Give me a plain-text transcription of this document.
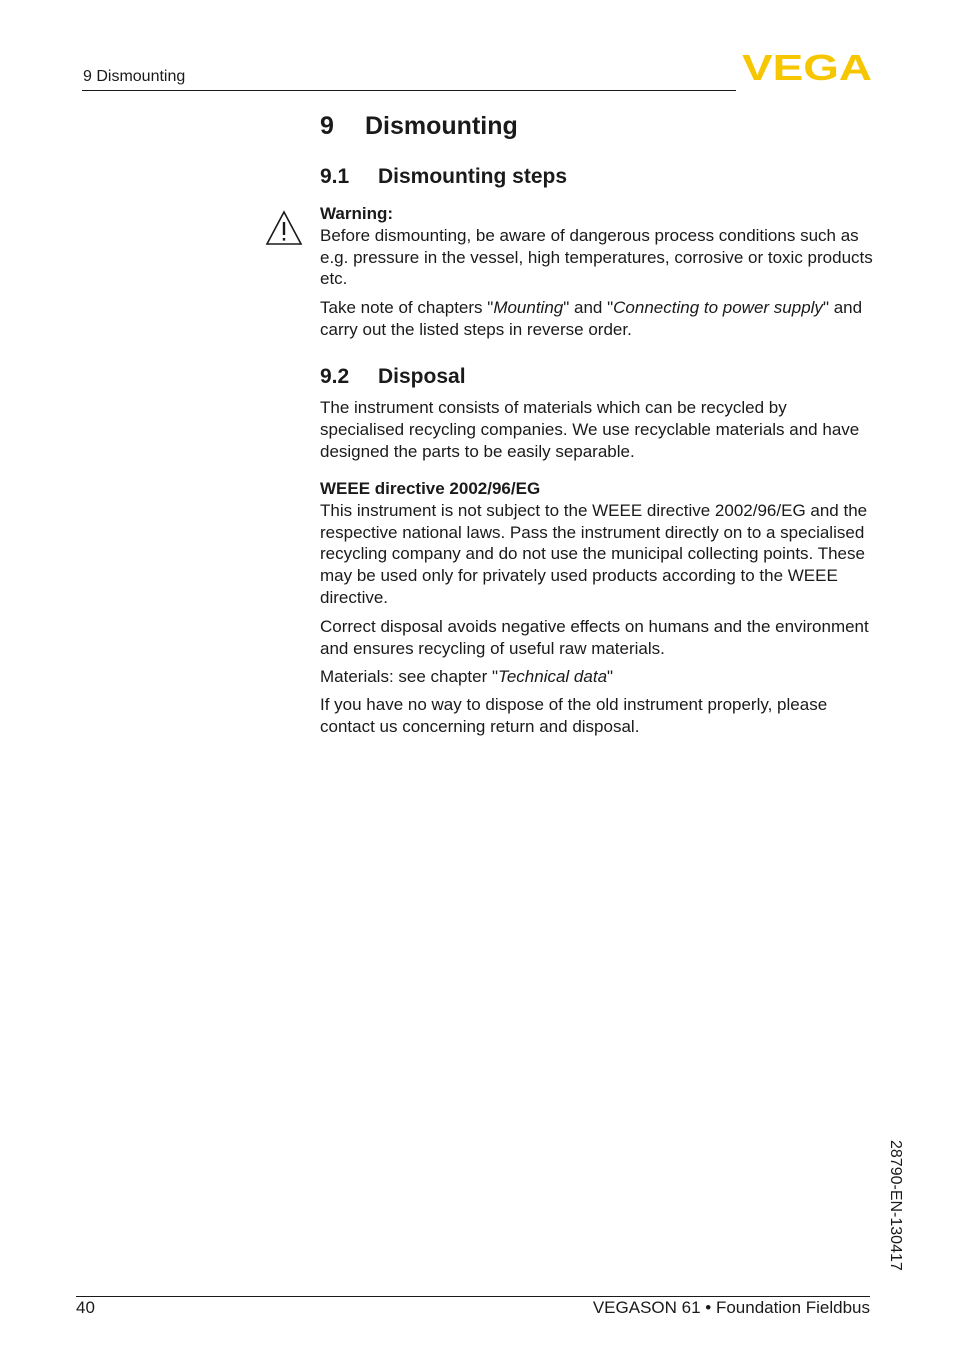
9 Dismounting	VEGA
9 Dismounting
9.1 Dismounting steps

Warning:

Before dismounting, be aware of dangerous process conditions such as e.g. pressure in the vessel, high temperatures, corrosive or toxic products etc.

Take note of chapters "Mounting" and "Connecting to power supply" and carry out the listed steps in reverse order.

9.2 Disposal

The instrument consists of materials which can be recycled by specialised recycling companies. We use recyclable materials and have designed the parts to be easily separable.

WEEE directive 2002/96/EG

This instrument is not subject to the WEEE directive 2002/96/EG and the respective national laws. Pass the instrument directly on to a specialised recycling company and do not use the municipal collecting points. These may be used only for privately used products according to the WEEE directive.

Correct disposal avoids negative effects on humans and the environment and ensures recycling of useful raw materials.

Materials: see chapter "Technical data"

If you have no way to dispose of the old instrument properly, please contact us concerning return and disposal.

28790-EN-130417
40	VEGASON 61 • Foundation Fieldbus
